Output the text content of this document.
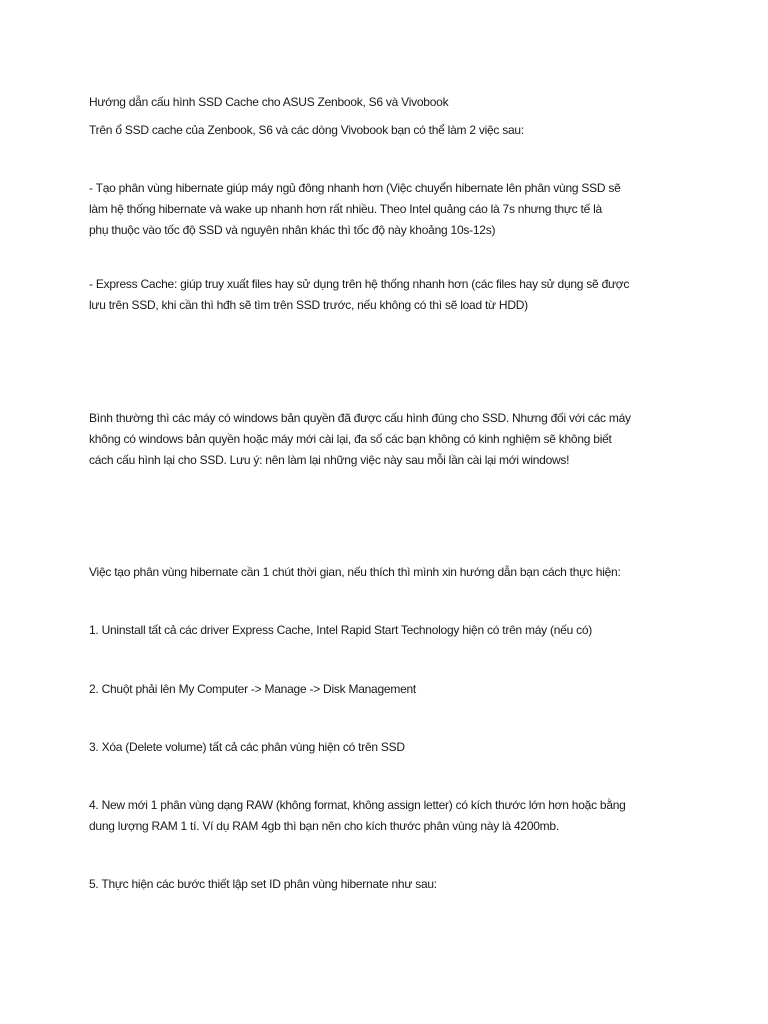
Hướng dẫn cấu hình SSD Cache cho ASUS Zenbook, S6 và Vivobook

Trên ổ SSD cache của Zenbook, S6 và các dòng Vivobook bạn có thể làm 2 việc sau:

- Tạo phân vùng hibernate giúp máy ngủ đông nhanh hơn (Việc chuyển hibernate lên phân vùng SSD sẽ
làm hệ thống hibernate và wake up nhanh hơn rất nhiều. Theo Intel quảng cáo là 7s nhưng thực tế là
phụ thuộc vào tốc độ SSD và nguyên nhân khác thì tốc độ này khoảng 10s-12s)

- Express Cache: giúp truy xuất files hay sử dụng trên hệ thống nhanh hơn (các files hay sử dụng sẽ được
lưu trên SSD, khi cần thì hđh sẽ tìm trên SSD trước, nếu không có thì sẽ load từ HDD)

Bình thường thì các máy có windows bản quyền đã được cấu hình đúng cho SSD. Nhưng đối với các máy
không có windows bản quyền hoặc máy mới cài lại, đa số các bạn không có kinh nghiệm sẽ không biết
cách cấu hình lại cho SSD. Lưu ý: nên làm lại những việc này sau mỗi lần cài lại mới windows!

Việc tạo phân vùng hibernate cần 1 chút thời gian, nếu thích thì mình xin hướng dẫn bạn cách thực hiện:

1. Uninstall tất cả các driver Express Cache, Intel Rapid Start Technology hiện có trên máy (nếu có)

2. Chuột phải lên My Computer -> Manage -> Disk Management

3. Xóa (Delete volume) tất cả các phân vùng hiện có trên SSD

4. New mới 1 phân vùng dạng RAW (không format, không assign letter) có kích thước lớn hơn hoặc bằng
dung lượng RAM 1 tí. Ví dụ RAM 4gb thì bạn nên cho kích thước phân vùng này là 4200mb.

5. Thực hiện các bước thiết lập set ID phân vùng hibernate như sau:
